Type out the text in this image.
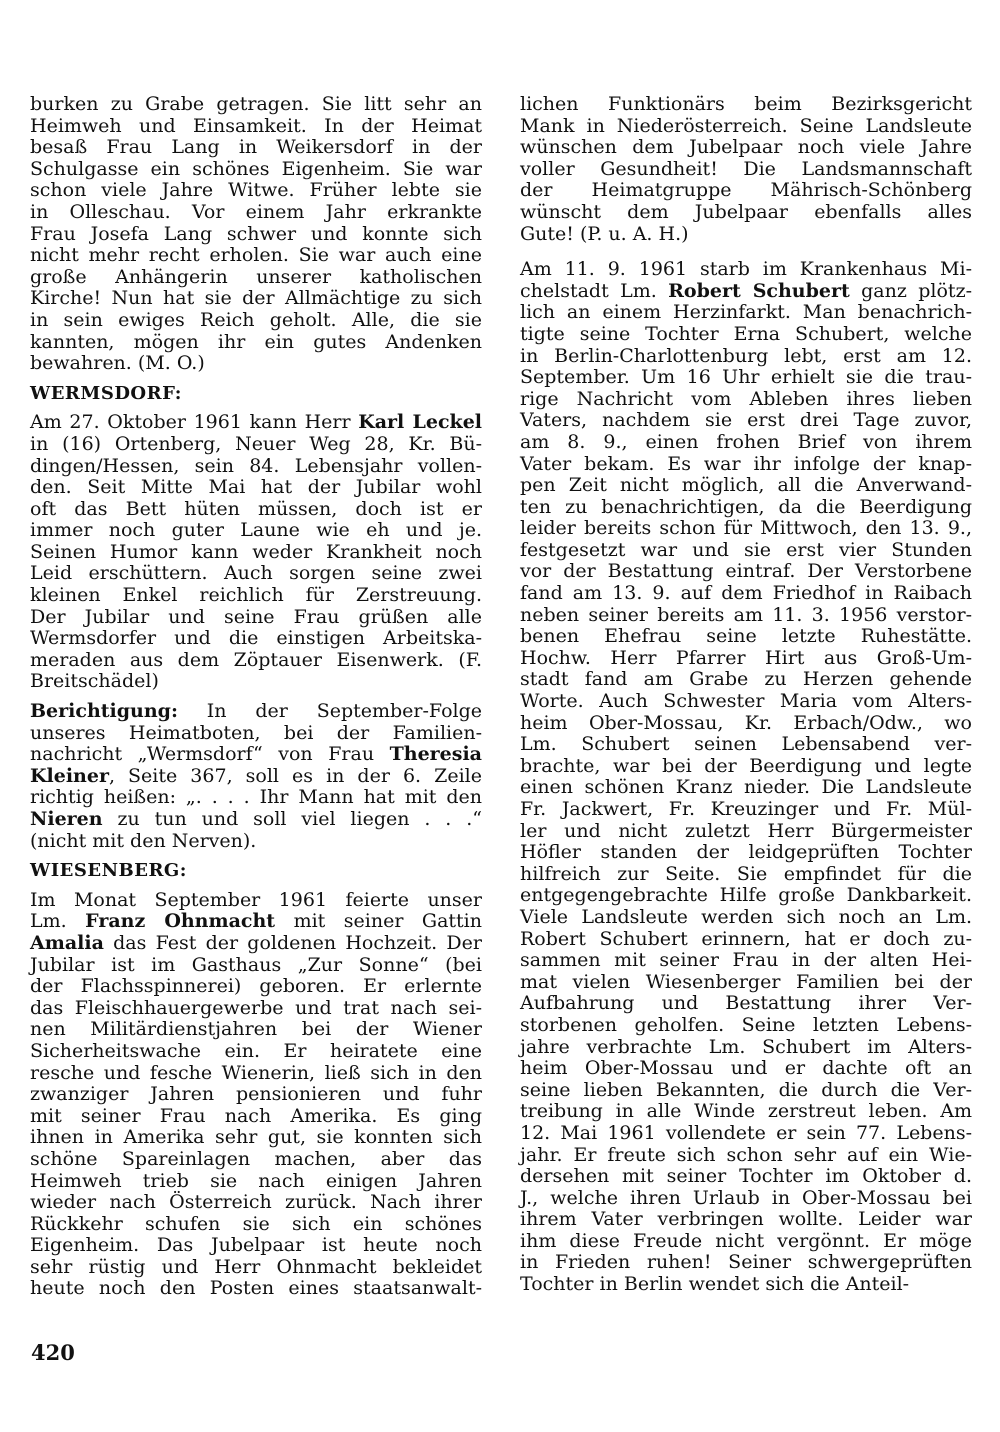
burken zu Grabe getragen. Sie litt sehr an
Heimweh und Einsamkeit. In der Heimat
besaß Frau Lang in Weikersdorf in der
Schulgasse ein schönes Eigenheim. Sie war
schon viele Jahre Witwe. Früher lebte sie
in Olleschau. Vor einem Jahr erkrankte
Frau Josefa Lang schwer und konnte sich
nicht mehr recht erholen. Sie war auch eine
große Anhängerin unserer katholischen
Kirche! Nun hat sie der Allmächtige zu sich
in sein ewiges Reich geholt. Alle, die sie
kannten, mögen ihr ein gutes Andenken
bewahren. (M. O.)
WERMSDORF:
Am 27. Oktober 1961 kann Herr Karl Leckel
in (16) Ortenberg, Neuer Weg 28, Kr. Bü-
dingen/Hessen, sein 84. Lebensjahr vollen-
den. Seit Mitte Mai hat der Jubilar wohl
oft das Bett hüten müssen, doch ist er
immer noch guter Laune wie eh und je.
Seinen Humor kann weder Krankheit noch
Leid erschüttern. Auch sorgen seine zwei
kleinen Enkel reichlich für Zerstreuung.
Der Jubilar und seine Frau grüßen alle
Wermsdorfer und die einstigen Arbeitska-
meraden aus dem Zöptauer Eisenwerk. (F.
Breitschädel)
Berichtigung: In der September-Folge
unseres Heimatboten, bei der Familien-
nachricht „Wermsdorf“ von Frau Theresia
Kleiner, Seite 367, soll es in der 6. Zeile
richtig heißen: „. . . . Ihr Mann hat mit den
Nieren zu tun und soll viel liegen . . .“
(nicht mit den Nerven).
WIESENBERG:
Im Monat September 1961 feierte unser
Lm. Franz Ohnmacht mit seiner Gattin
Amalia das Fest der goldenen Hochzeit. Der
Jubilar ist im Gasthaus „Zur Sonne“ (bei
der Flachsspinnerei) geboren. Er erlernte
das Fleischhauergewerbe und trat nach sei-
nen Militärdienstjahren bei der Wiener
Sicherheitswache ein. Er heiratete eine
resche und fesche Wienerin, ließ sich in den
zwanziger Jahren pensionieren und fuhr
mit seiner Frau nach Amerika. Es ging
ihnen in Amerika sehr gut, sie konnten sich
schöne Spareinlagen machen, aber das
Heimweh trieb sie nach einigen Jahren
wieder nach Österreich zurück. Nach ihrer
Rückkehr schufen sie sich ein schönes
Eigenheim. Das Jubelpaar ist heute noch
sehr rüstig und Herr Ohnmacht bekleidet
heute noch den Posten eines staatsanwalt-
lichen Funktionärs beim Bezirksgericht
Mank in Niederösterreich. Seine Landsleute
wünschen dem Jubelpaar noch viele Jahre
voller Gesundheit! Die Landsmannschaft
der Heimatgruppe Mährisch-Schönberg
wünscht dem Jubelpaar ebenfalls alles
Gute! (P. u. A. H.)
Am 11. 9. 1961 starb im Krankenhaus Mi-
chelstadt Lm. Robert Schubert ganz plötz-
lich an einem Herzinfarkt. Man benachrich-
tigte seine Tochter Erna Schubert, welche
in Berlin-Charlottenburg lebt, erst am 12.
September. Um 16 Uhr erhielt sie die trau-
rige Nachricht vom Ableben ihres lieben
Vaters, nachdem sie erst drei Tage zuvor,
am 8. 9., einen frohen Brief von ihrem
Vater bekam. Es war ihr infolge der knap-
pen Zeit nicht möglich, all die Anverwand-
ten zu benachrichtigen, da die Beerdigung
leider bereits schon für Mittwoch, den 13. 9.,
festgesetzt war und sie erst vier Stunden
vor der Bestattung eintraf. Der Verstorbene
fand am 13. 9. auf dem Friedhof in Raibach
neben seiner bereits am 11. 3. 1956 verstor-
benen Ehefrau seine letzte Ruhestätte.
Hochw. Herr Pfarrer Hirt aus Groß-Um-
stadt fand am Grabe zu Herzen gehende
Worte. Auch Schwester Maria vom Alters-
heim Ober-Mossau, Kr. Erbach/Odw., wo
Lm. Schubert seinen Lebensabend ver-
brachte, war bei der Beerdigung und legte
einen schönen Kranz nieder. Die Landsleute
Fr. Jackwert, Fr. Kreuzinger und Fr. Mül-
ler und nicht zuletzt Herr Bürgermeister
Höfler standen der leidgeprüften Tochter
hilfreich zur Seite. Sie empfindet für die
entgegengebrachte Hilfe große Dankbarkeit.
Viele Landsleute werden sich noch an Lm.
Robert Schubert erinnern, hat er doch zu-
sammen mit seiner Frau in der alten Hei-
mat vielen Wiesenberger Familien bei der
Aufbahrung und Bestattung ihrer Ver-
storbenen geholfen. Seine letzten Lebens-
jahre verbrachte Lm. Schubert im Alters-
heim Ober-Mossau und er dachte oft an
seine lieben Bekannten, die durch die Ver-
treibung in alle Winde zerstreut leben. Am
12. Mai 1961 vollendete er sein 77. Lebens-
jahr. Er freute sich schon sehr auf ein Wie-
dersehen mit seiner Tochter im Oktober d.
J., welche ihren Urlaub in Ober-Mossau bei
ihrem Vater verbringen wollte. Leider war
ihm diese Freude nicht vergönnt. Er möge
in Frieden ruhen! Seiner schwergeprüften
Tochter in Berlin wendet sich die Anteil-
420
